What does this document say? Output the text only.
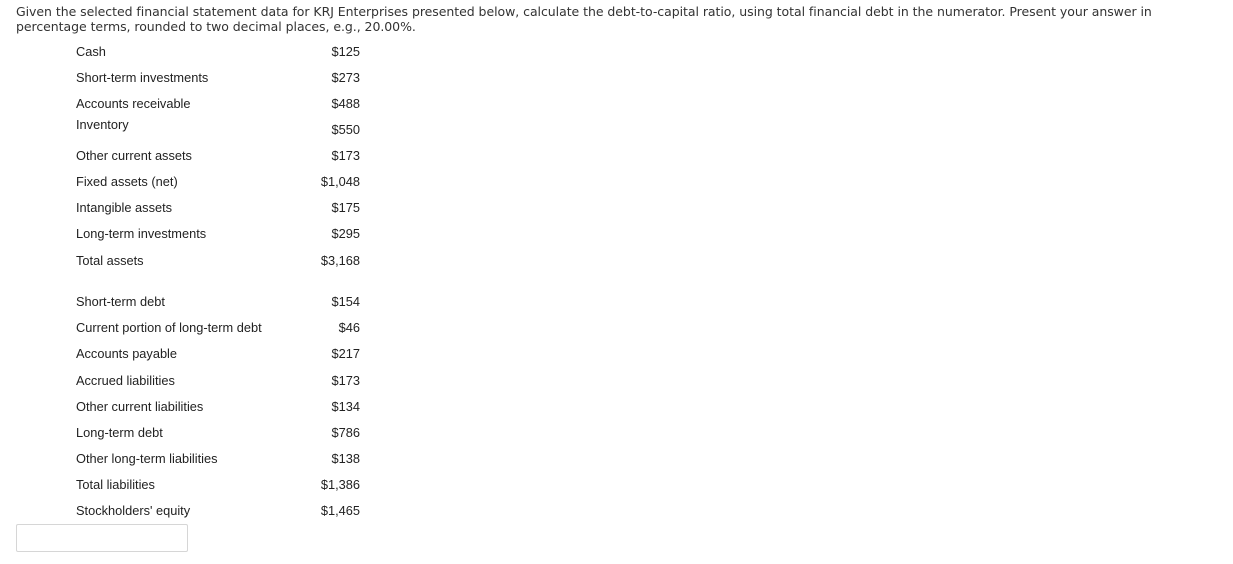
Given the selected financial statement data for KRJ Enterprises presented below, calculate the debt-to-capital ratio, using total financial debt in the numerator. Present your answer in percentage terms, rounded to two decimal places, e.g., 20.00%.
Cash	$125
Short-term investments	$273
Accounts receivable	$488
Inventory	$550
Other current assets	$173
Fixed assets (net)	$1,048
Intangible assets	$175
Long-term investments	$295
Total assets	$3,168
Short-term debt	$154
Current portion of long-term debt	$46
Accounts payable	$217
Accrued liabilities	$173
Other current liabilities	$134
Long-term debt	$786
Other long-term liabilities	$138
Total liabilities	$1,386
Stockholders' equity	$1,465
